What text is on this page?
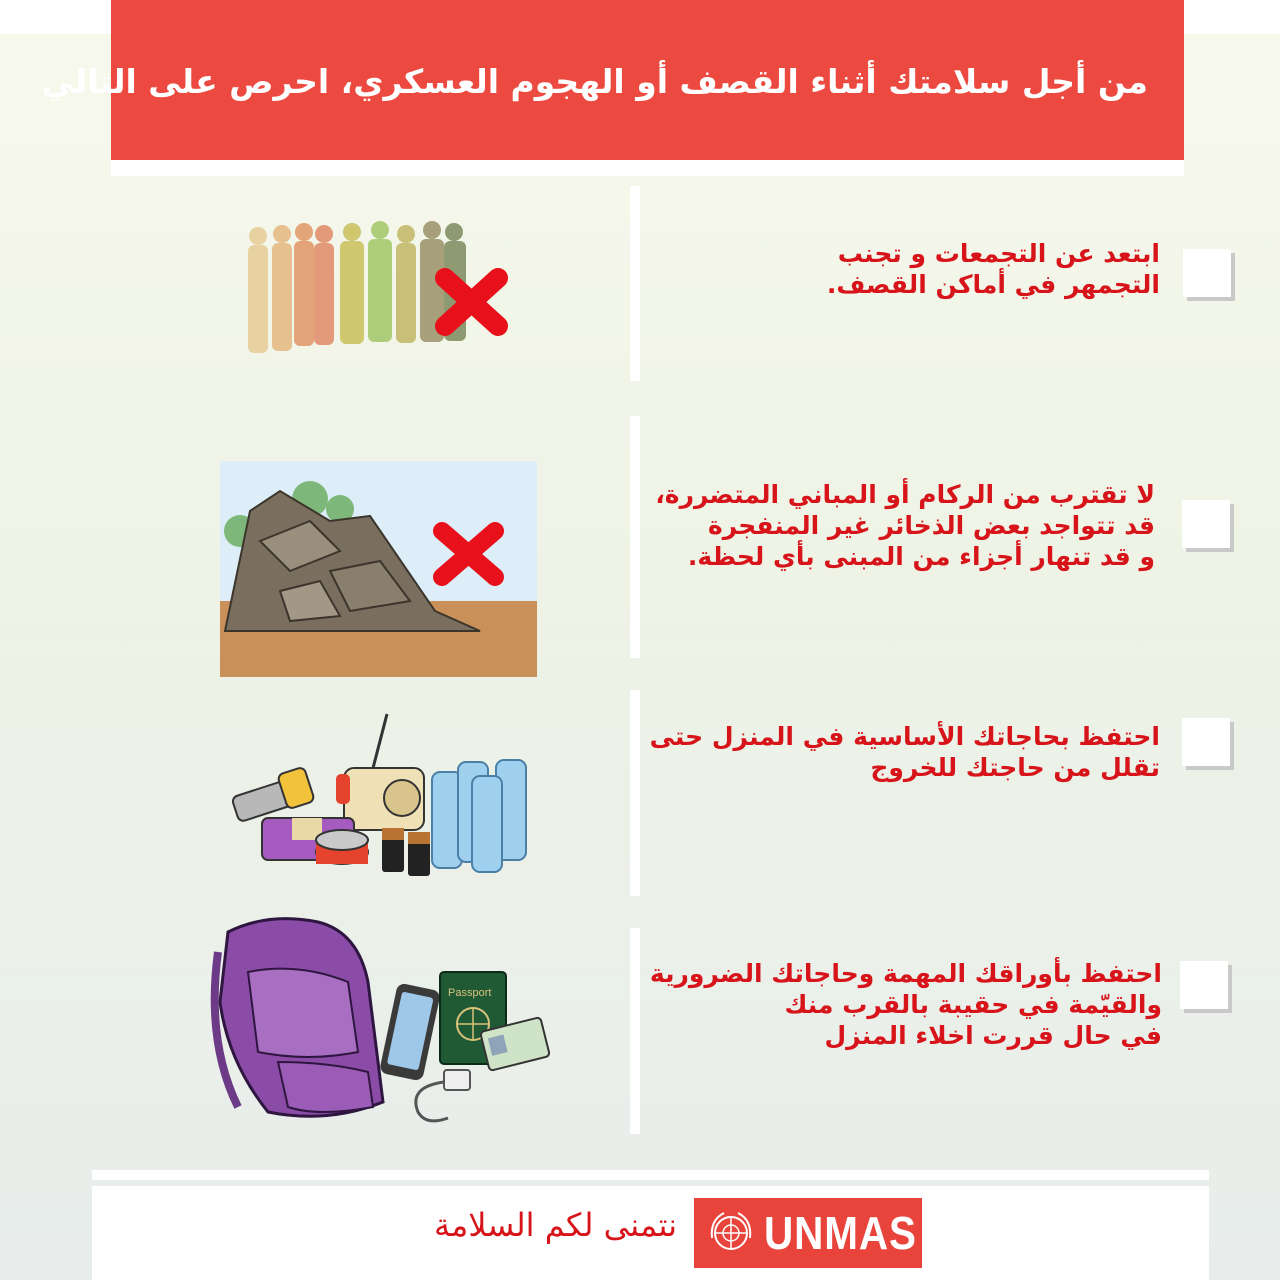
من أجل سلامتك أثناء القصف أو الهجوم العسكري، احرص على التالي

ابتعد عن التجمعات و تجنب
التجمهر في أماكن القصف.

لا تقترب من الركام أو المباني المتضررة،
قد تتواجد بعض الذخائر غير المنفجرة
و قد تنهار أجزاء من المبنى بأي لحظة.

احتفظ بحاجاتك الأساسية في المنزل حتى
تقلل من حاجتك للخروج

احتفظ بأوراقك المهمة وحاجاتك الضرورية
والقيّمة في حقيبة بالقرب منك
في حال قررت اخلاء المنزل

Passport
نتمنى لكم السلامة UNMAS
